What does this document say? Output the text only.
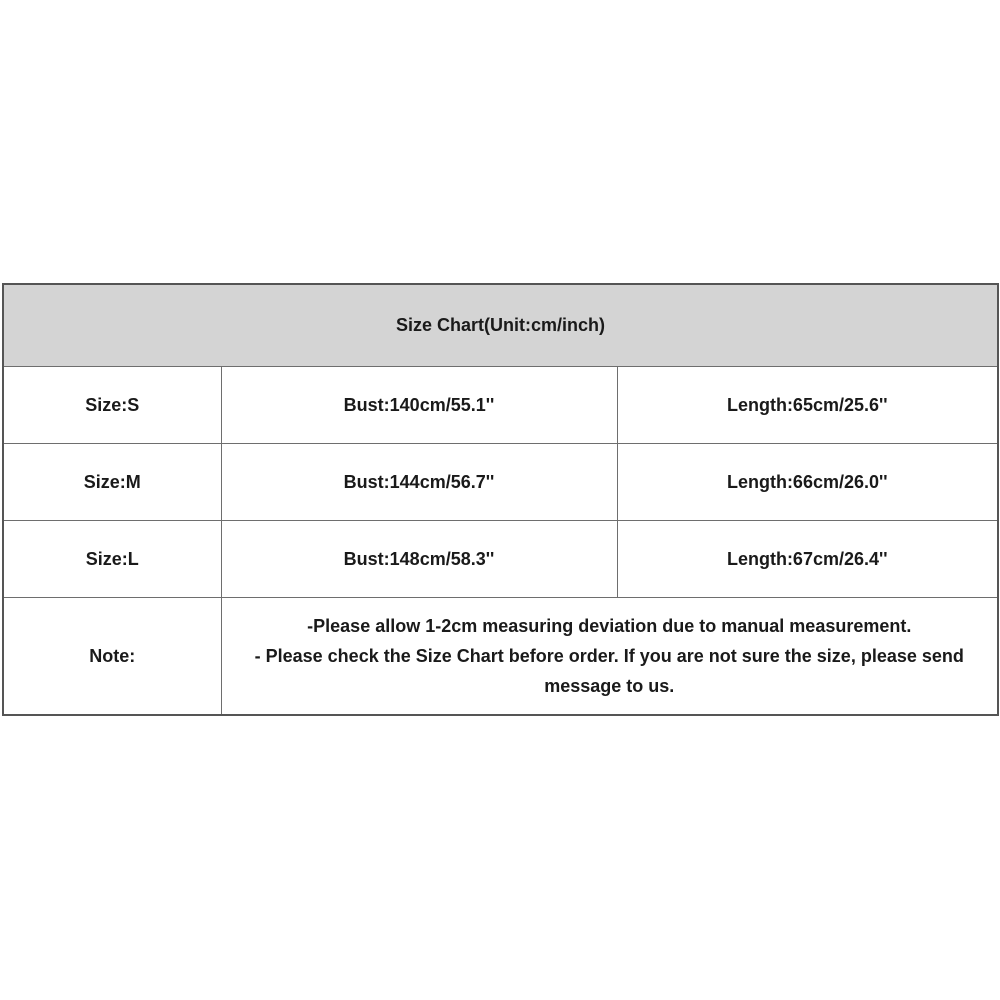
Size Chart(Unit:cm/inch)		
Size:S	Bust:140cm/55.1''	Length:65cm/25.6''
Size:M	Bust:144cm/56.7''	Length:66cm/26.0''
Size:L	Bust:148cm/58.3''	Length:67cm/26.4''
Note:	-Please allow 1-2cm measuring deviation due to manual measurement.
- Please check the Size Chart before order. If you are not sure the size, please send message to us.	
